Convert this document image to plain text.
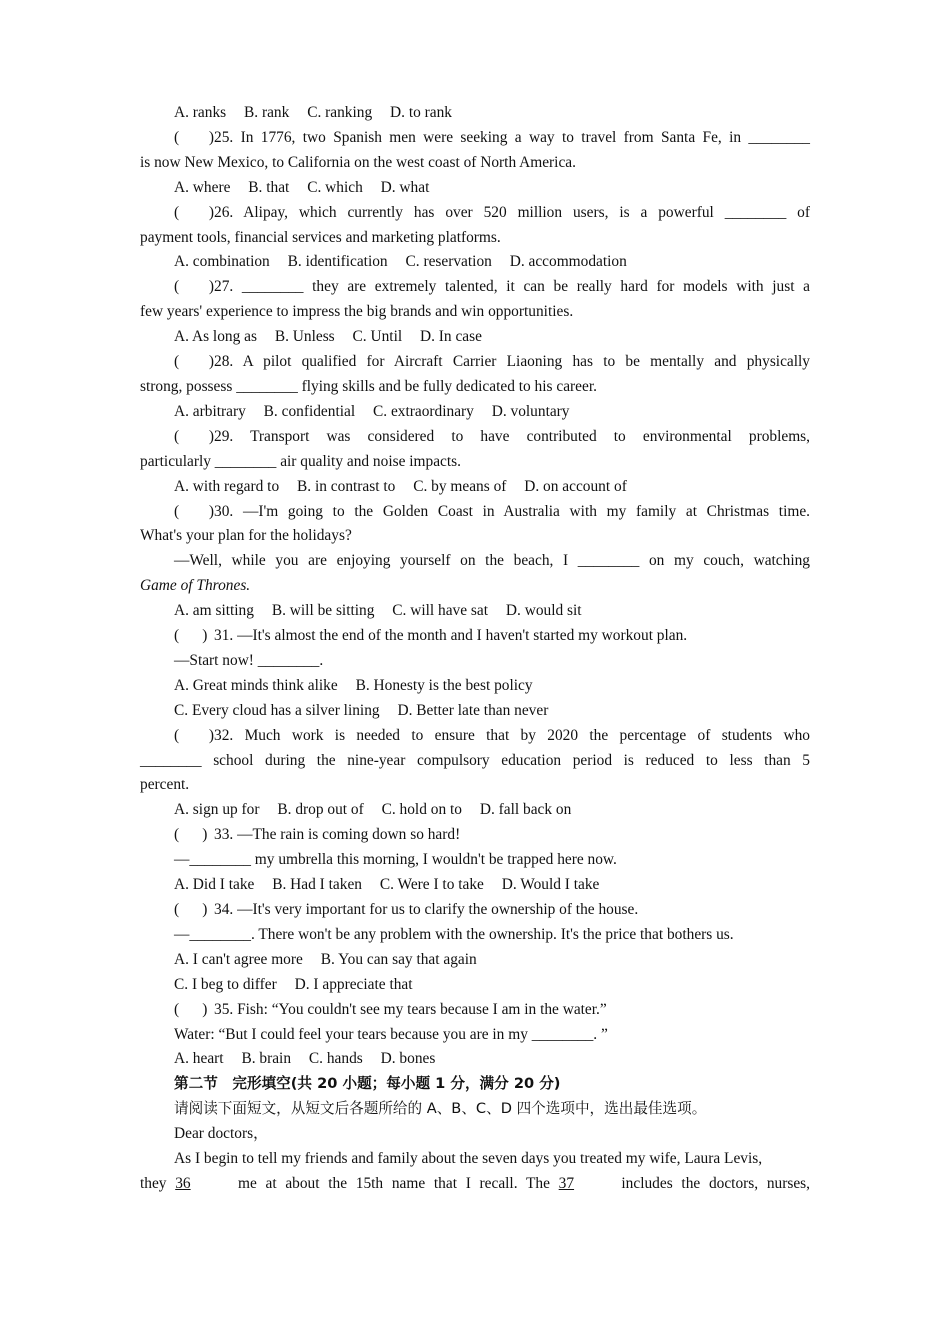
A. ranks B. rank C. ranking D. to rank
(      )25. In 1776, two Spanish men were seeking a way to travel from Santa Fe, in ________
is now New Mexico, to California on the west coast of North America.
A. where B. that C. which D. what
(      )26. Alipay, which currently has over 520 million users, is a powerful ________ of
payment tools, financial services and marketing platforms.
A. combination B. identification C. reservation D. accommodation
(      )27. ________ they are extremely talented, it can be really hard for models with just a
few years' experience to impress the big brands and win opportunities.
A. As long as B. Unless C. Until D. In case
(      )28. A pilot qualified for Aircraft Carrier Liaoning has to be mentally and physically
strong, possess ________ flying skills and be fully dedicated to his career.
A. arbitrary B. confidential C. extraordinary D. voluntary
(       )29. Transport was considered to have contributed to environmental problems,
particularly ________ air quality and noise impacts.
A. with regard to B. in contrast to C. by means of D. on account of
(      )30. —I'm going to the Golden Coast in Australia with my family at Christmas time.
What's your plan for the holidays?
—Well, while you are enjoying yourself on the beach, I ________ on my couch, watching
Game of Thrones.
A. am sitting B. will be sitting C. will have sat D. would sit
(      ) 31. —It's almost the end of the month and I haven't started my workout plan.
—Start now! ________.
A. Great minds think alike B. Honesty is the best policy
C. Every cloud has a silver lining D. Better late than never
(      )32. Much work is needed to ensure that by 2020 the percentage of students who
________ school during the nine-year compulsory education period is reduced to less than 5
percent.
A. sign up for B. drop out of C. hold on to D. fall back on
(      ) 33. —The rain is coming down so hard!
—________ my umbrella this morning, I wouldn't be trapped here now.
A. Did I take B. Had I taken C. Were I to take D. Would I take
(      ) 34. —It's very important for us to clarify the ownership of the house.
—________. There won't be any problem with the ownership. It's the price that bothers us.
A. I can't agree more B. You can say that again
C. I beg to differ D. I appreciate that
(      ) 35. Fish: “You couldn't see my tears because I am in the water.”
Water: “But I could feel your tears because you are in my ________. ”
A. heart B. brain C. hands D. bones
第二节　完形填空(共 20 小题；每小题 1 分，满分 20 分)
请阅读下面短文，从短文后各题所给的 A、B、C、D 四个选项中，选出最佳选项。
Dear doctors，
As I begin to tell my friends and family about the seven days you treated my wife, Laura Levis,
they 36	me at about the 15th name that I recall. The 37	includes the doctors, nurses,
